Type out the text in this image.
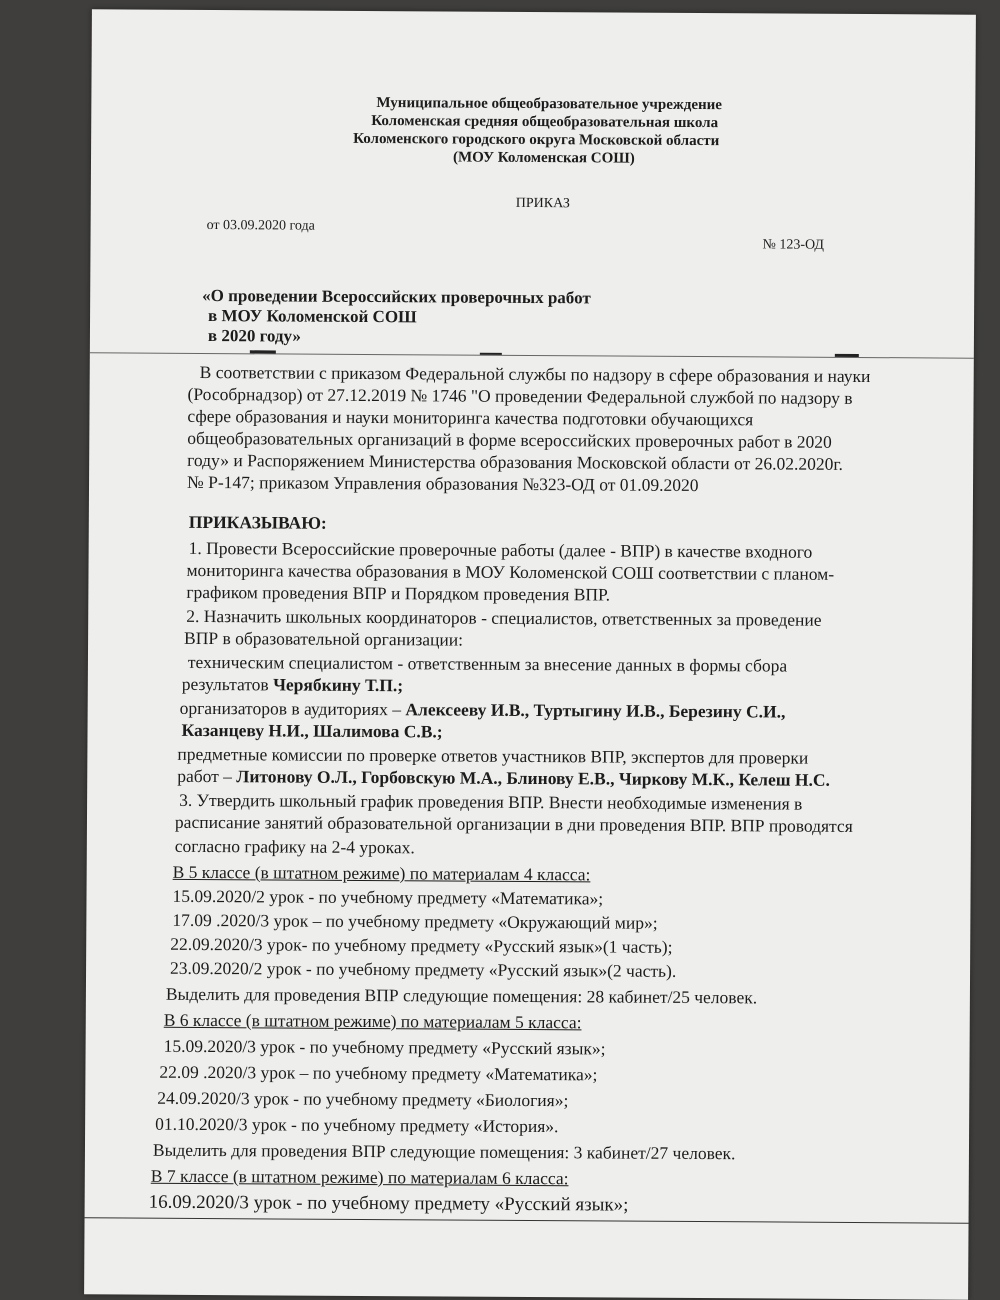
Муниципальное общеобразовательное учреждение
Коломенская средняя общеобразовательная школа
Коломенского городского округа Московской области
(МОУ Коломенская СОШ)
ПРИКАЗ
от 03.09.2020 года
№ 123-ОД
«О проведении Всероссийских проверочных работ
в МОУ Коломенской СОШ
в 2020 году»
В соответствии с приказом Федеральной службы по надзору в сфере образования и науки
(Рособрнадзор) от 27.12.2019 № 1746 "О проведении Федеральной службой по надзору в
сфере образования и науки мониторинга качества подготовки обучающихся
общеобразовательных организаций в форме всероссийских проверочных работ в 2020
году» и Распоряжением Министерства образования Московской области от 26.02.2020г.
№ Р-147; приказом Управления образования №323-ОД от 01.09.2020
ПРИКАЗЫВАЮ:
1. Провести Всероссийские проверочные работы (далее - ВПР) в качестве входного
мониторинга качества образования в МОУ Коломенской СОШ соответствии с планом-
графиком проведения ВПР и Порядком проведения ВПР.
2. Назначить школьных координаторов - специалистов, ответственных за проведение
ВПР в образовательной организации:
техническим специалистом - ответственным за внесение данных в формы сбора
результатов Черябкину Т.П.;
организаторов в аудиториях – Алексееву И.В., Туртыгину И.В., Березину С.И.,
Казанцеву Н.И., Шалимова С.В.;
предметные комиссии по проверке ответов участников ВПР, экспертов для проверки
работ – Литонову О.Л., Горбовскую М.А., Блинову Е.В., Чиркову М.К., Келеш Н.С.
3. Утвердить школьный график проведения ВПР. Внести необходимые изменения в
расписание занятий образовательной организации в дни проведения ВПР. ВПР проводятся
согласно графику на 2-4 уроках.
В 5 классе (в штатном режиме) по материалам 4 класса:
15.09.2020/2 урок - по учебному предмету «Математика»;
17.09 .2020/3 урок – по учебному предмету «Окружающий мир»;
22.09.2020/3 урок- по учебному предмету «Русский язык»(1 часть);
23.09.2020/2 урок - по учебному предмету «Русский язык»(2 часть).
Выделить для проведения ВПР следующие помещения: 28 кабинет/25 человек.
В 6 классе (в штатном режиме) по материалам 5 класса:
15.09.2020/3 урок - по учебному предмету «Русский язык»;
22.09 .2020/3 урок – по учебному предмету «Математика»;
24.09.2020/3 урок - по учебному предмету «Биология»;
01.10.2020/3 урок - по учебному предмету «История».
Выделить для проведения ВПР следующие помещения: 3 кабинет/27 человек.
В 7 классе (в штатном режиме) по материалам 6 класса:
16.09.2020/3 урок - по учебному предмету «Русский язык»;
